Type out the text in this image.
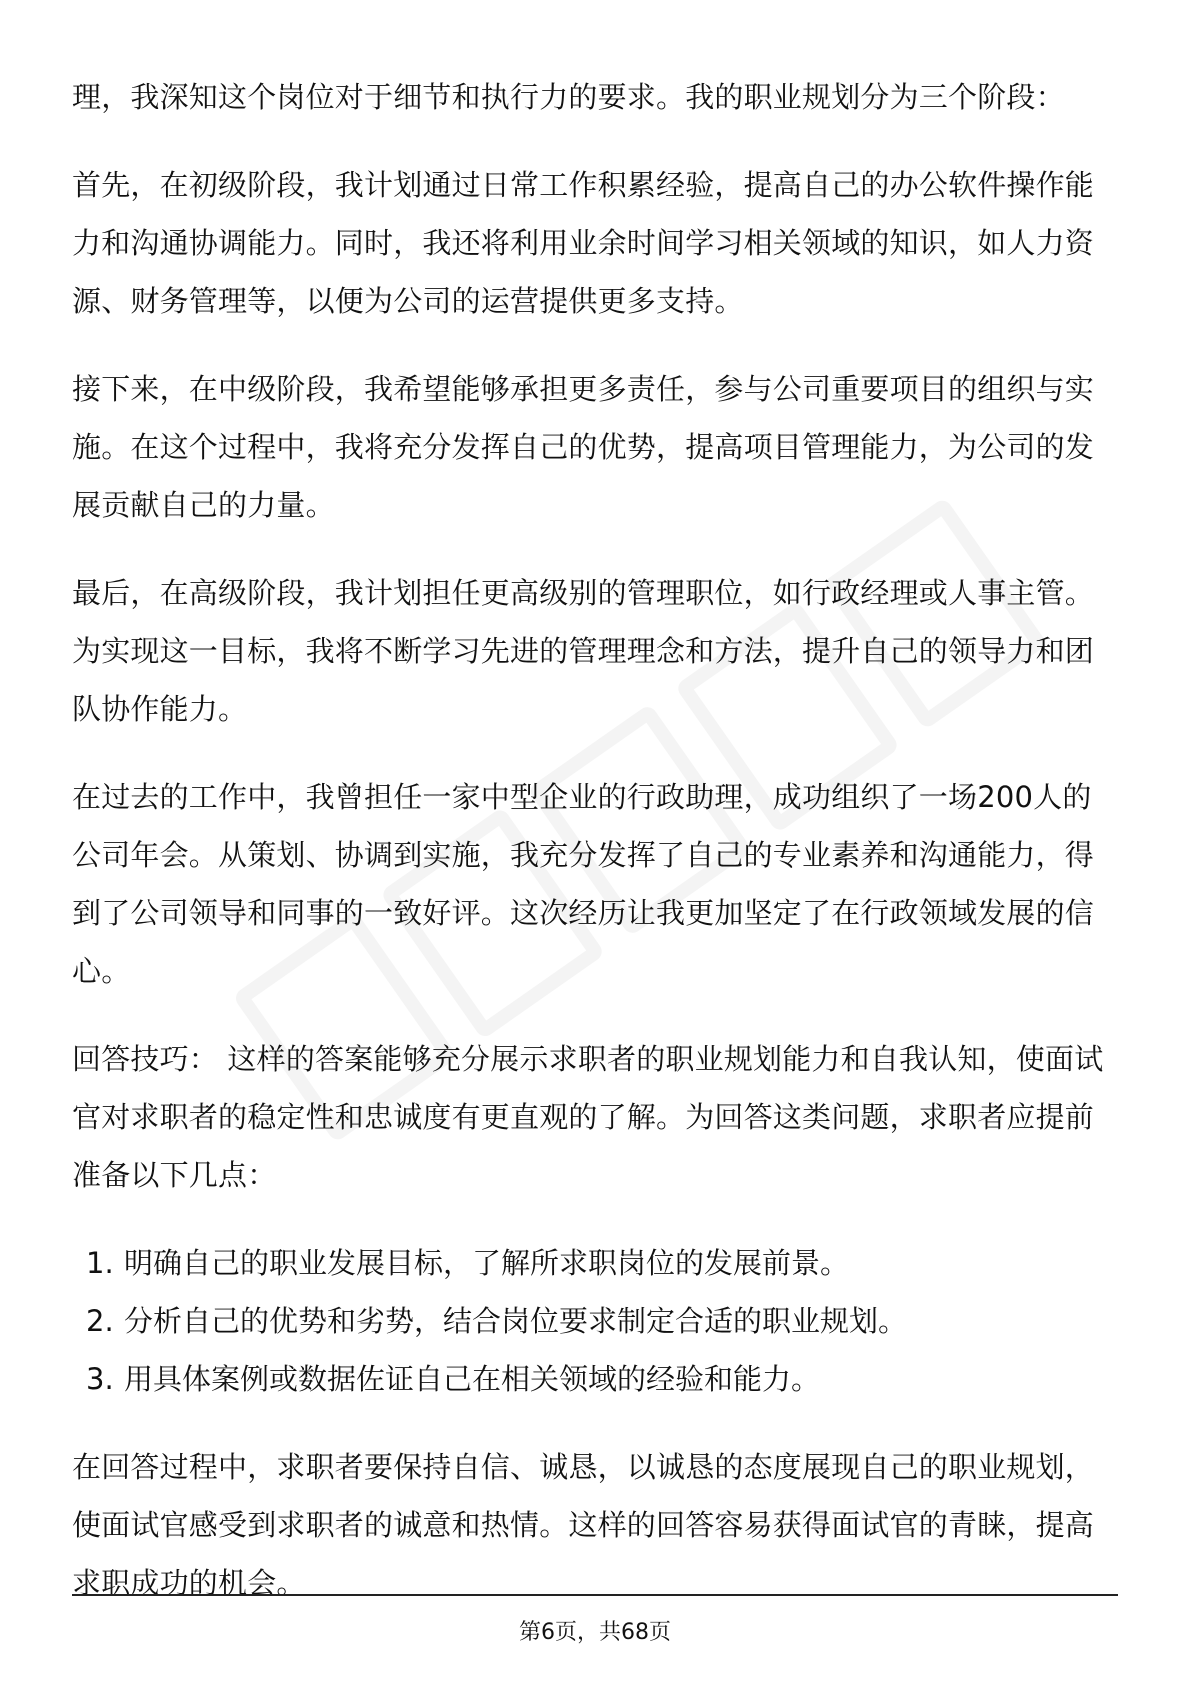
理，我深知这个岗位对于细节和执行力的要求。我的职业规划分为三个阶段：

首先，在初级阶段，我计划通过日常工作积累经验，提高自己的办公软件操作能力和沟通协调能力。同时，我还将利用业余时间学习相关领域的知识，如人力资源、财务管理等，以便为公司的运营提供更多支持。

接下来，在中级阶段，我希望能够承担更多责任，参与公司重要项目的组织与实施。在这个过程中，我将充分发挥自己的优势，提高项目管理能力，为公司的发展贡献自己的力量。

最后，在高级阶段，我计划担任更高级别的管理职位，如行政经理或人事主管。为实现这一目标，我将不断学习先进的管理理念和方法，提升自己的领导力和团队协作能力。

在过去的工作中，我曾担任一家中型企业的行政助理，成功组织了一场200人的公司年会。从策划、协调到实施，我充分发挥了自己的专业素养和沟通能力，得到了公司领导和同事的一致好评。这次经历让我更加坚定了在行政领域发展的信心。

回答技巧： 这样的答案能够充分展示求职者的职业规划能力和自我认知，使面试官对求职者的稳定性和忠诚度有更直观的了解。为回答这类问题，求职者应提前准备以下几点：

1. 明确自己的职业发展目标，了解所求职岗位的发展前景。
2. 分析自己的优势和劣势，结合岗位要求制定合适的职业规划。
3. 用具体案例或数据佐证自己在相关领域的经验和能力。

在回答过程中，求职者要保持自信、诚恳，以诚恳的态度展现自己的职业规划，使面试官感受到求职者的诚意和热情。这样的回答容易获得面试官的青睐，提高求职成功的机会。

第6页，共68页
